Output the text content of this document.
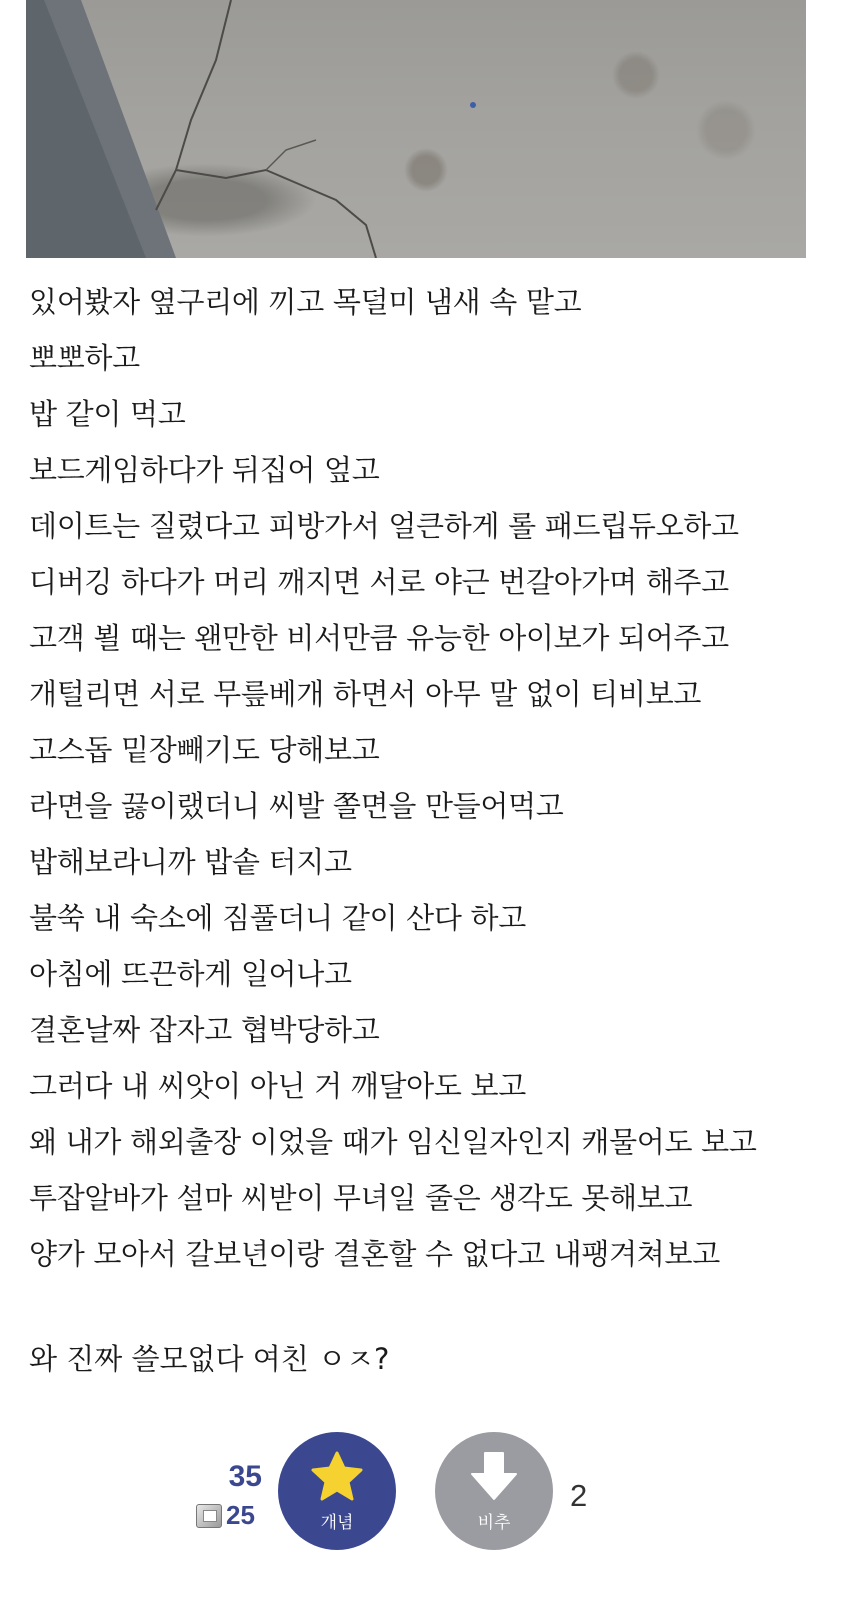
있어봤자 옆구리에 끼고 목덜미 냄새 속 맡고
뽀뽀하고
밥 같이 먹고
보드게임하다가 뒤집어 엎고
데이트는 질렸다고 피방가서 얼큰하게 롤 패드립듀오하고
디버깅 하다가 머리 깨지면 서로 야근 번갈아가며 해주고
고객 뵐 때는 왠만한 비서만큼 유능한 아이보가 되어주고
개털리면 서로 무릎베개 하면서 아무 말 없이 티비보고
고스돕 밑장빼기도 당해보고
라면을 끓이랬더니 씨발 쫄면을 만들어먹고
밥해보라니까 밥솥 터지고
불쑥 내 숙소에 짐풀더니 같이 산다 하고
아침에 뜨끈하게 일어나고
결혼날짜 잡자고 협박당하고
그러다 내 씨앗이 아닌 거 깨달아도 보고
왜 내가 해외출장 이었을 때가 임신일자인지 캐물어도 보고
투잡알바가 설마 씨받이 무녀일 줄은 생각도 못해보고
양가 모아서 갈보년이랑 결혼할 수 없다고 내팽겨쳐보고
와 진짜 쓸모없다 여친 ㅇㅈ?
35
25	개념	비추
2
